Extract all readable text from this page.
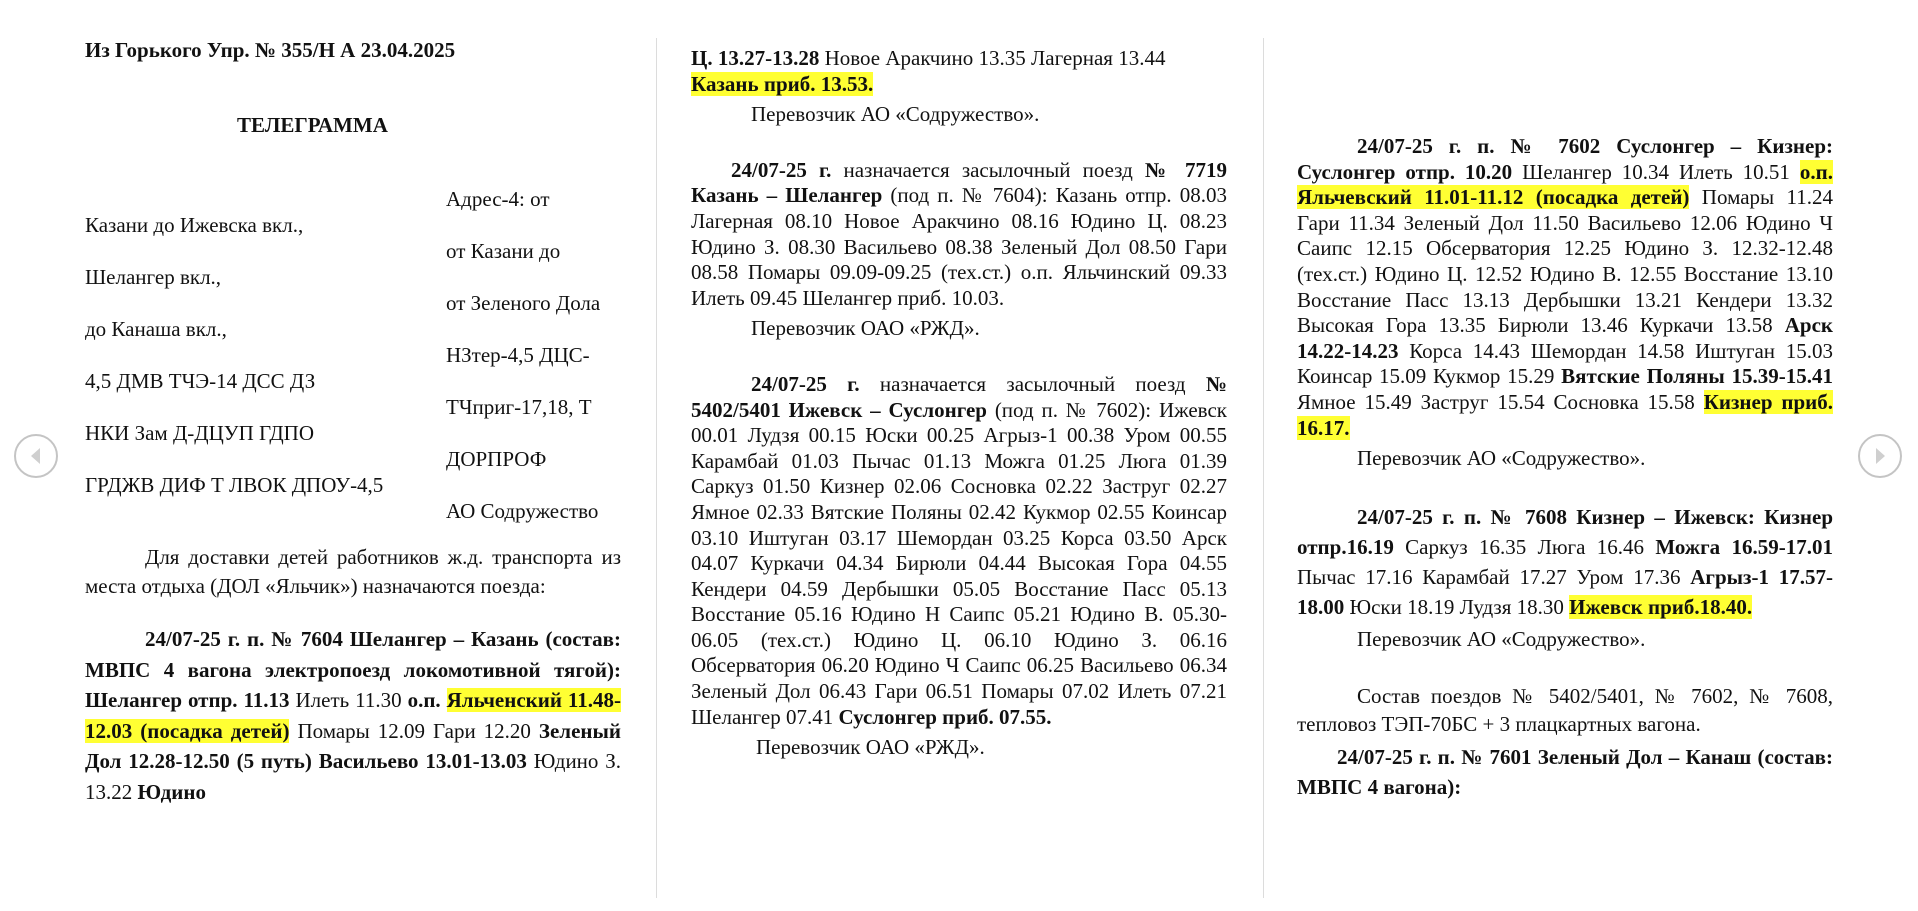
Из Горького Упр. № 355/Н А 23.04.2025

ТЕЛЕГРАММА

Казани до Ижевска вкл.,

Шелангер вкл.,

до Канаша вкл.,

4,5 ДМВ ТЧЭ-14 ДСС ДЗ

НКИ Зам Д-ДЦУП ГДПО

ГРДЖВ ДИФ Т ЛВОК ДПОУ-4,5

Адрес-4: от

от Казани до

от Зеленого Дола

НЗтер-4,5 ДЦС-

ТЧприг-17,18, Т

ДОРПРОФ

АО Содружество

Для доставки детей работников ж.д. транспорта из места отдыха (ДОЛ «Яльчик») назначаются поезда:

24/07-25 г. п. № 7604 Шелангер – Казань (состав: МВПС 4 вагона электропоезд локомотивной тягой): Шелангер отпр. 11.13 Илеть 11.30 о.п. Яльченский 11.48-12.03 (посадка детей) Помары 12.09 Гари 12.20 Зеленый Дол 12.28-12.50 (5 путь) Васильево 13.01-13.03 Юдино З. 13.22 Юдино

Ц. 13.27-13.28 Новое Аракчино 13.35 Лагерная 13.44
Казань приб. 13.53.

Перевозчик АО «Содружество».

24/07-25 г. назначается засылочный поезд № 7719 Казань – Шелангер (под п. № 7604): Казань отпр. 08.03 Лагерная 08.10 Новое Аракчино 08.16 Юдино Ц. 08.23 Юдино З. 08.30 Васильево 08.38 Зеленый Дол 08.50 Гари 08.58 Помары 09.09-09.25 (тех.ст.) о.п. Яльчинский 09.33 Илеть 09.45 Шелангер приб. 10.03.

Перевозчик ОАО «РЖД».

24/07-25 г. назначается засылочный поезд № 5402/5401 Ижевск – Суслонгер (под п. № 7602): Ижевск 00.01 Лудзя 00.15 Юски 00.25 Агрыз-1 00.38 Уром 00.55 Карамбай 01.03 Пычас 01.13 Можга 01.25 Люга 01.39 Саркуз 01.50 Кизнер 02.06 Сосновка 02.22 Заструг 02.27 Ямное 02.33 Вятские Поляны 02.42 Кукмор 02.55 Коинсар 03.10 Иштуган 03.17 Шемордан 03.25 Корса 03.50 Арск 04.07 Куркачи 04.34 Бирюли 04.44 Высокая Гора 04.55 Кендери 04.59 Дербышки 05.05 Восстание Пасс 05.13 Восстание 05.16 Юдино Н Саипс 05.21 Юдино В. 05.30-06.05 (тех.ст.) Юдино Ц. 06.10 Юдино З. 06.16 Обсерватория 06.20 Юдино Ч Саипс 06.25 Васильево 06.34 Зеленый Дол 06.43 Гари 06.51 Помары 07.02 Илеть 07.21 Шелангер 07.41 Суслонгер приб. 07.55.

Перевозчик ОАО «РЖД».

24/07-25 г. п. № 7602 Суслонгер – Кизнер: Суслонгер отпр. 10.20 Шелангер 10.34 Илеть 10.51 о.п. Яльчевский 11.01-11.12 (посадка детей) Помары 11.24 Гари 11.34 Зеленый Дол 11.50 Васильево 12.06 Юдино Ч Саипс 12.15 Обсерватория 12.25 Юдино З. 12.32-12.48 (тех.ст.) Юдино Ц. 12.52 Юдино В. 12.55 Восстание 13.10 Восстание Пасс 13.13 Дербышки 13.21 Кендери 13.32 Высокая Гора 13.35 Бирюли 13.46 Куркачи 13.58 Арск 14.22-14.23 Корса 14.43 Шемордан 14.58 Иштуган 15.03 Коинсар 15.09 Кукмор 15.29 Вятские Поляны 15.39-15.41 Ямное 15.49 Заструг 15.54 Сосновка 15.58 Кизнер приб. 16.17.

Перевозчик АО «Содружество».

24/07-25 г. п. № 7608 Кизнер – Ижевск: Кизнер отпр.16.19 Саркуз 16.35 Люга 16.46 Можга 16.59-17.01 Пычас 17.16 Карамбай 17.27 Уром 17.36 Агрыз-1 17.57-18.00 Юски 18.19 Лудзя 18.30 Ижевск приб.18.40.

Перевозчик АО «Содружество».

Состав поездов № 5402/5401, № 7602, № 7608, тепловоз ТЭП-70БС + 3 плацкартных вагона.

24/07-25 г. п. № 7601 Зеленый Дол – Канаш (состав: МВПС 4 вагона):
